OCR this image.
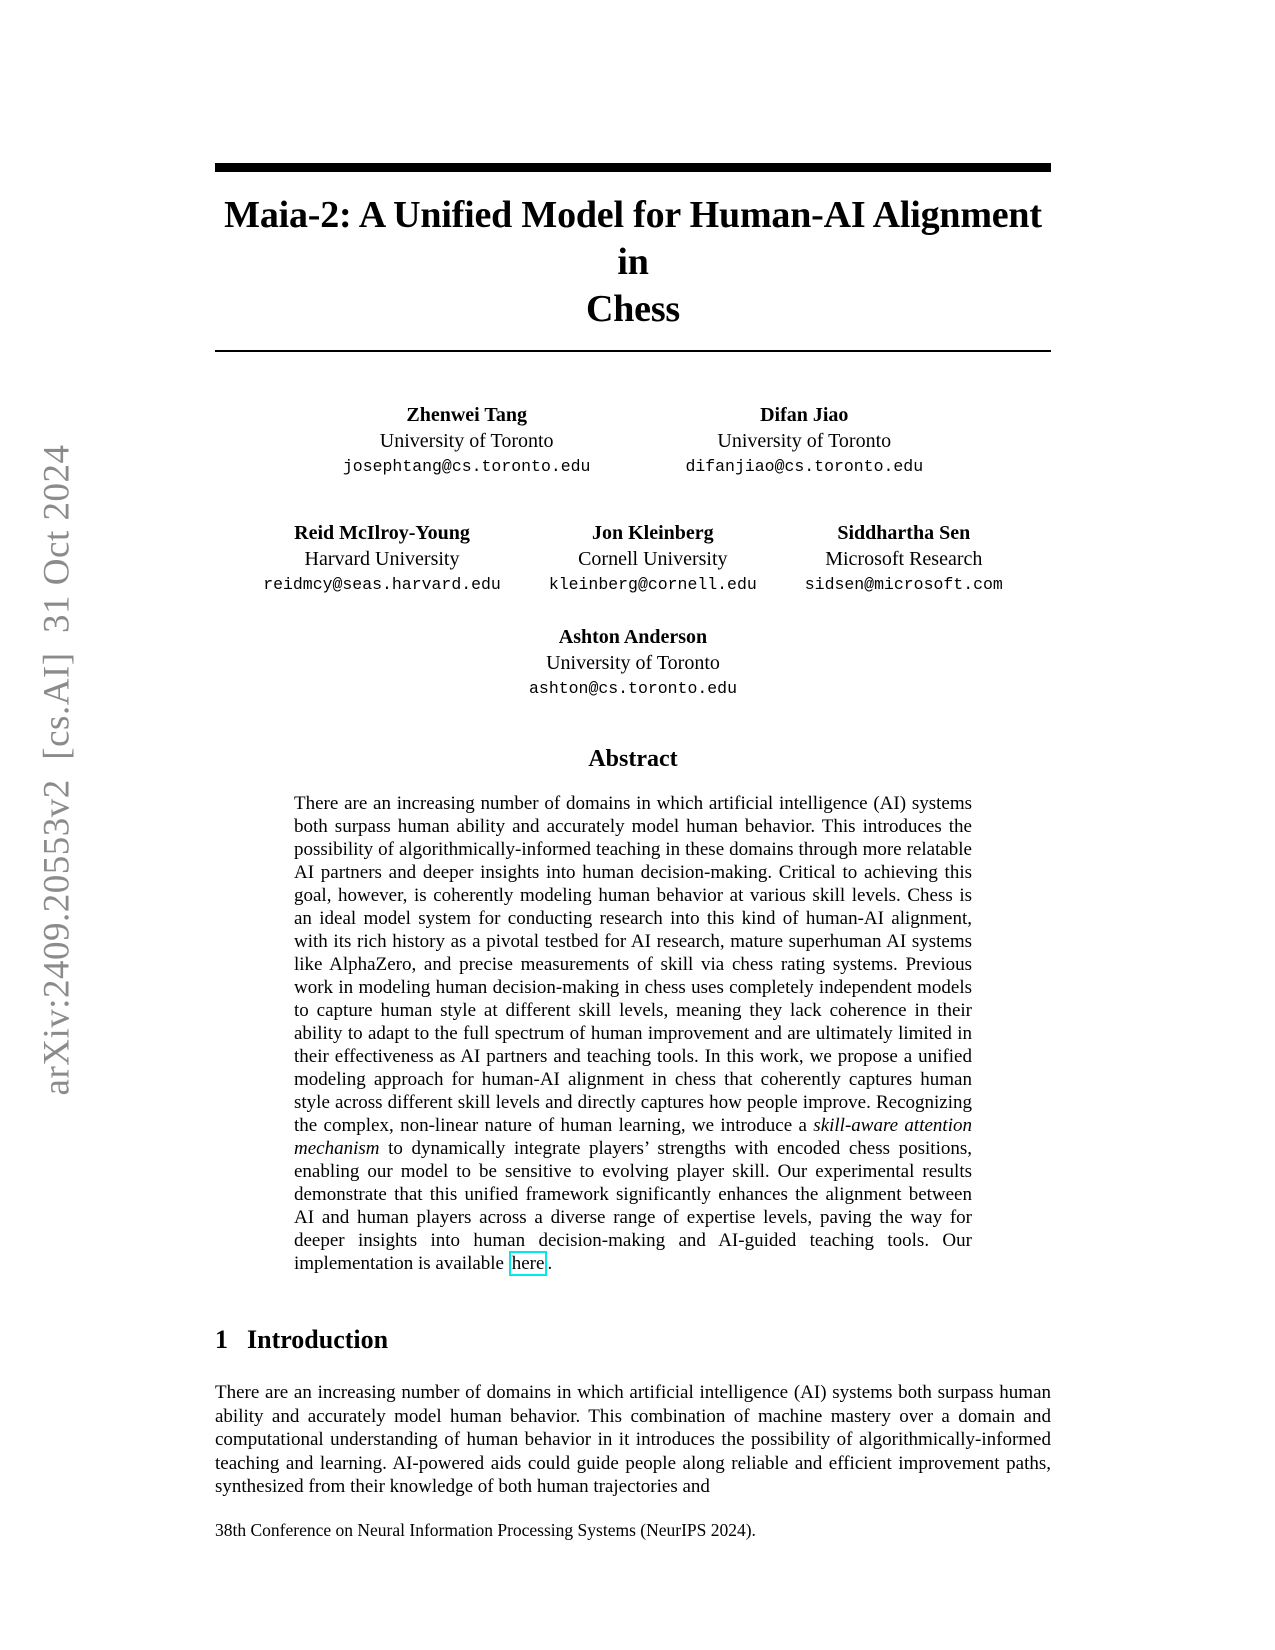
arXiv:2409.20553v2  [cs.AI]  31 Oct 2024
Maia-2: A Unified Model for Human-AI Alignment in
Chess
Zhenwei Tang
University of Toronto
josephtang@cs.toronto.edu
Difan Jiao
University of Toronto
difanjiao@cs.toronto.edu
Reid McIlroy-Young
Harvard University
reidmcy@seas.harvard.edu
Jon Kleinberg
Cornell University
kleinberg@cornell.edu
Siddhartha Sen
Microsoft Research
sidsen@microsoft.com
Ashton Anderson
University of Toronto
ashton@cs.toronto.edu
Abstract

There are an increasing number of domains in which artificial intelligence (AI) systems both surpass human ability and accurately model human behavior. This introduces the possibility of algorithmically-informed teaching in these domains through more relatable AI partners and deeper insights into human decision-making. Critical to achieving this goal, however, is coherently modeling human behavior at various skill levels. Chess is an ideal model system for conducting research into this kind of human-AI alignment, with its rich history as a pivotal testbed for AI research, mature superhuman AI systems like AlphaZero, and precise measurements of skill via chess rating systems. Previous work in modeling human decision-making in chess uses completely independent models to capture human style at different skill levels, meaning they lack coherence in their ability to adapt to the full spectrum of human improvement and are ultimately limited in their effectiveness as AI partners and teaching tools. In this work, we propose a unified modeling approach for human-AI alignment in chess that coherently captures human style across different skill levels and directly captures how people improve. Recognizing the complex, non-linear nature of human learning, we introduce a skill-aware attention mechanism to dynamically integrate players’ strengths with encoded chess positions, enabling our model to be sensitive to evolving player skill. Our experimental results demonstrate that this unified framework significantly enhances the alignment between AI and human players across a diverse range of expertise levels, paving the way for deeper insights into human decision-making and AI-guided teaching tools. Our implementation is available here .

1 Introduction

There are an increasing number of domains in which artificial intelligence (AI) systems both surpass human ability and accurately model human behavior. This combination of machine mastery over a domain and computational understanding of human behavior in it introduces the possibility of algorithmically-informed teaching and learning. AI-powered aids could guide people along reliable and efficient improvement paths, synthesized from their knowledge of both human trajectories and

38th Conference on Neural Information Processing Systems (NeurIPS 2024).
